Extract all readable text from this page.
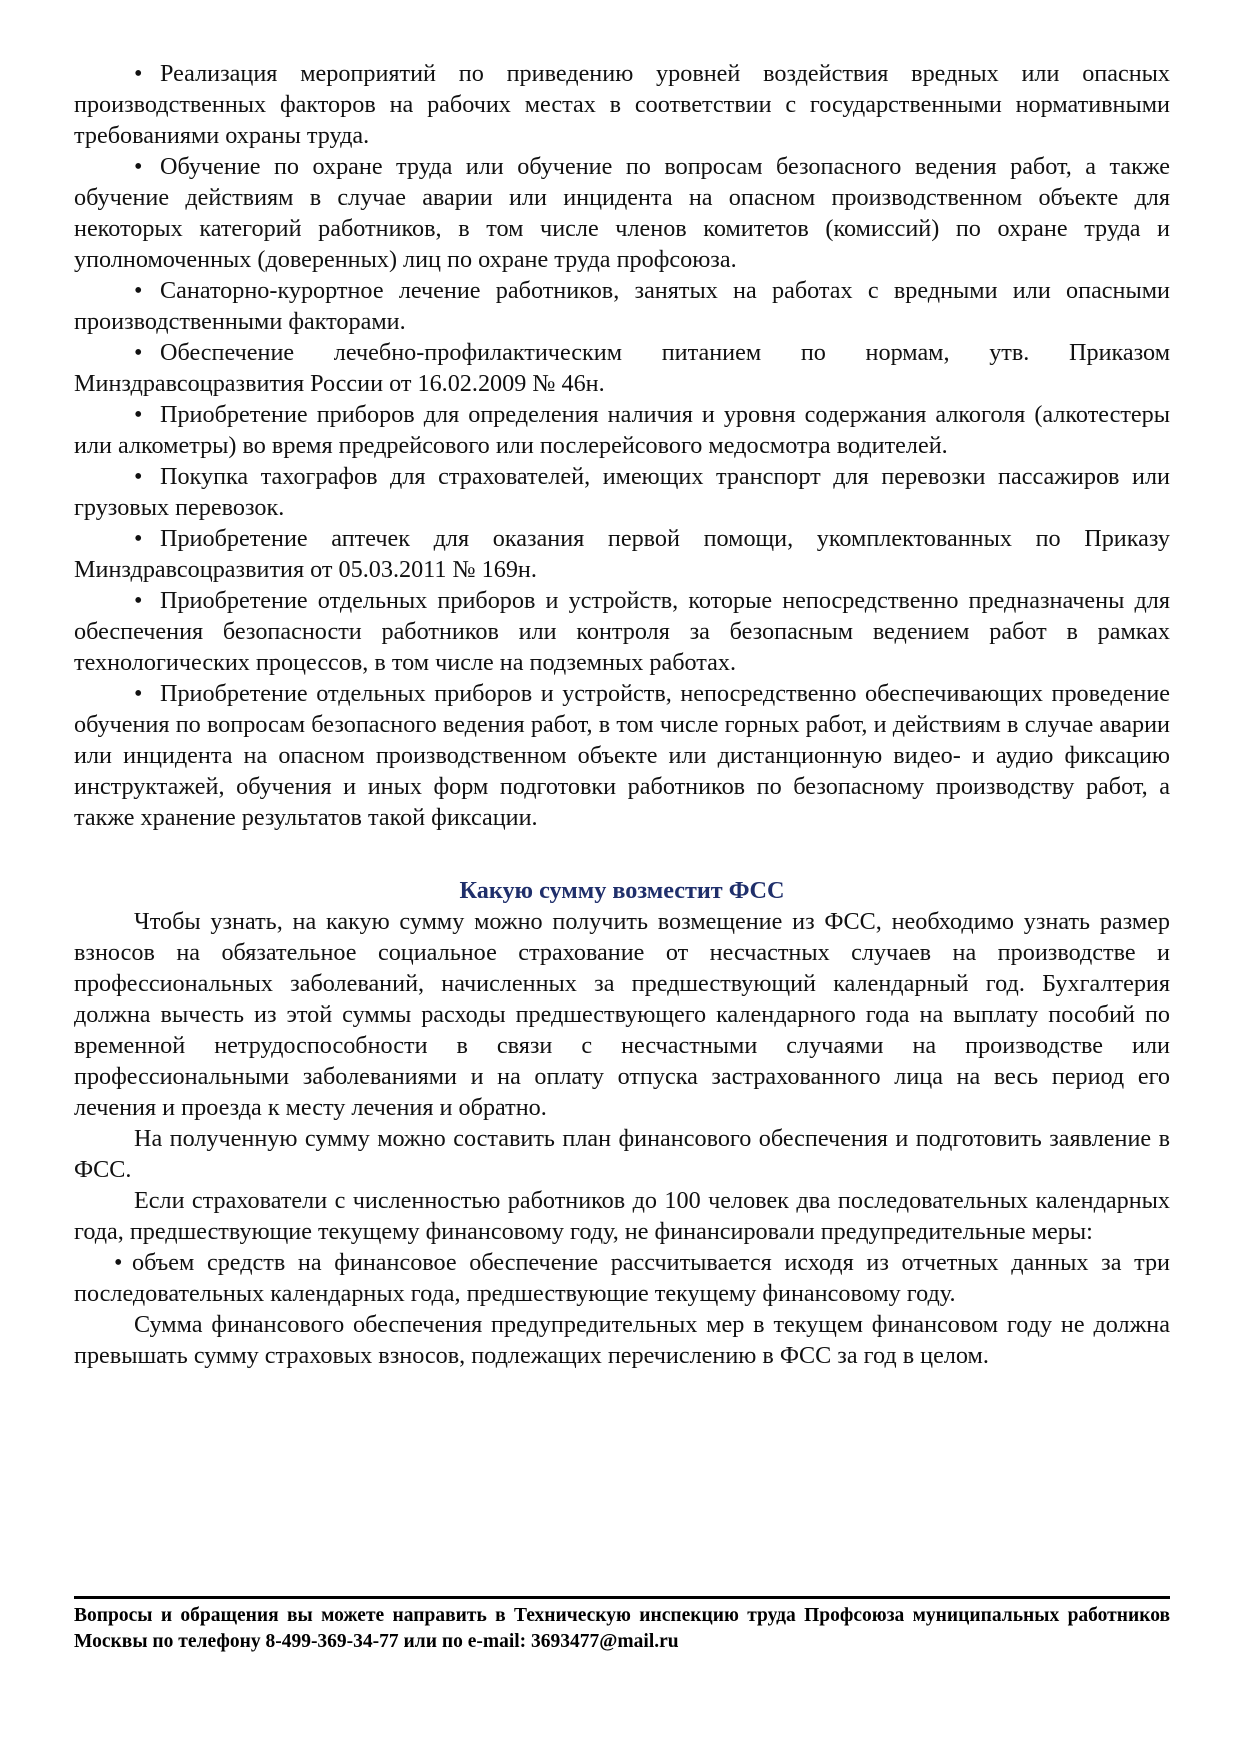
• Реализация мероприятий по приведению уровней воздействия вредных или опасных производственных факторов на рабочих местах в соответствии с государственными нормативными требованиями охраны труда.

• Обучение по охране труда или обучение по вопросам безопасного ведения работ, а также обучение действиям в случае аварии или инцидента на опасном производственном объекте для некоторых категорий работников, в том числе членов комитетов (комиссий) по охране труда и уполномоченных (доверенных) лиц по охране труда профсоюза.

• Санаторно-курортное лечение работников, занятых на работах с вредными или опасными производственными факторами.

• Обеспечение лечебно-профилактическим питанием по нормам, утв. Приказом Минздравсоцразвития России от 16.02.2009 № 46н.

• Приобретение приборов для определения наличия и уровня содержания алкоголя (алкотестеры или алкометры) во время предрейсового или послерейсового медосмотра водителей.

• Покупка тахографов для страхователей, имеющих транспорт для перевозки пассажиров или грузовых перевозок.

• Приобретение аптечек для оказания первой помощи, укомплектованных по Приказу Минздравсоцразвития от 05.03.2011 № 169н.

• Приобретение отдельных приборов и устройств, которые непосредственно предназначены для обеспечения безопасности работников или контроля за безопасным ведением работ в рамках технологических процессов, в том числе на подземных работах.

• Приобретение отдельных приборов и устройств, непосредственно обеспечивающих проведение обучения по вопросам безопасного ведения работ, в том числе горных работ, и действиям в случае аварии или инцидента на опасном производственном объекте или дистанционную видео- и аудио фиксацию инструктажей, обучения и иных форм подготовки работников по безопасному производству работ, а также хранение результатов такой фиксации.

Какую сумму возместит ФСС

Чтобы узнать, на какую сумму можно получить возмещение из ФСС, необходимо узнать размер взносов на обязательное социальное страхование от несчастных случаев на производстве и профессиональных заболеваний, начисленных за предшествующий календарный год. Бухгалтерия должна вычесть из этой суммы расходы предшествующего календарного года на выплату пособий по временной нетрудоспособности в связи с несчастными случаями на производстве или профессиональными заболеваниями и на оплату отпуска застрахованного лица на весь период его лечения и проезда к месту лечения и обратно.

На полученную сумму можно составить план финансового обеспечения и подготовить заявление в ФСС.

Если страхователи с численностью работников до 100 человек два последовательных календарных года, предшествующие текущему финансовому году, не финансировали предупредительные меры:

• объем средств на финансовое обеспечение рассчитывается исходя из отчетных данных за три последовательных календарных года, предшествующие текущему финансовому году.

Сумма финансового обеспечения предупредительных мер в текущем финансовом году не должна превышать сумму страховых взносов, подлежащих перечислению в ФСС за год в целом.

Вопросы и обращения вы можете направить в Техническую инспекцию труда Профсоюза муниципальных работников Москвы по телефону 8-499-369-34-77 или по e-mail: 3693477@mail.ru
